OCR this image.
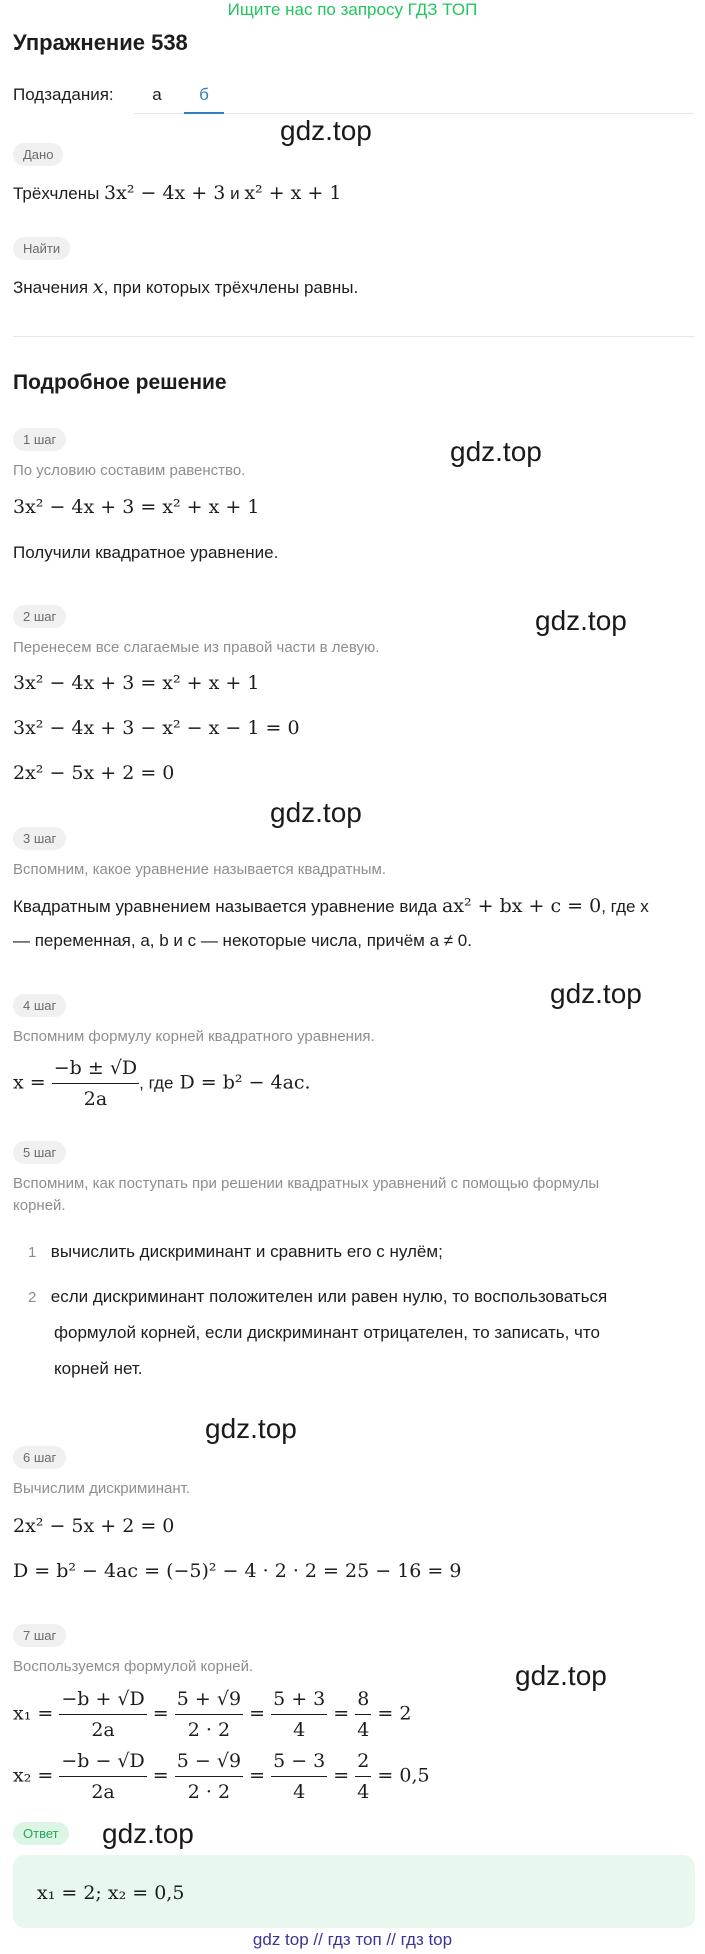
Ищите нас по запросу ГДЗ ТОП
Упражнение 538
Подзадания:	а	б
Дано
Трёхчлены 3x² − 4x + 3 и x² + x + 1
Найти
Значения x, при которых трёхчлены равны.
Подробное решение
1 шаг
По условию составим равенство.
3x² − 4x + 3 = x² + x + 1
Получили квадратное уравнение.
2 шаг
Перенесем все слагаемые из правой части в левую.
3x² − 4x + 3 = x² + x + 1
3x² − 4x + 3 − x² − x − 1 = 0
2x² − 5x + 2 = 0
3 шаг
Вспомним, какое уравнение называется квадратным.
Квадратным уравнением называется уравнение вида ax² + bx + c = 0, где x
— переменная, a, b и c — некоторые числа, причём a ≠ 0.
4 шаг
Вспомним формулу корней квадратного уравнения.
$x = \frac{-b \pm √D}{2a}$ , где D = b² − 4ac.
5 шаг
Вспомним, как поступать при решении квадратных уравнений с помощью формулы
корней.
1 вычислить дискриминант и сравнить его с нулём;
2 если дискриминант положителен или равен нулю, то воспользоваться
формулой корней, если дискриминант отрицателен, то записать, что
корней нет.
6 шаг
Вычислим дискриминант.
2x² − 5x + 2 = 0
D = b² − 4ac = (−5)² − 4 · 2 · 2 = 25 − 16 = 9
7 шаг
Воспользуемся формулой корней.
$x_1 = \frac{-b + √D}{2a} = \frac{5 + √9}{2 \cdot 2} = \frac{5 + 3}{4} = \frac{8}{4} = 2$
$x_2 = \frac{-b - √D}{2a} = \frac{5 - √9}{2 \cdot 2} = \frac{5 - 3}{4} = \frac{2}{4} = 0,5$
Ответ
x₁ = 2; x₂ = 0,5
gdz.top
gdz.top
gdz.top
gdz.top
gdz.top
gdz.top
gdz.top
gdz.top
gdz top // гдз топ // гдз top
